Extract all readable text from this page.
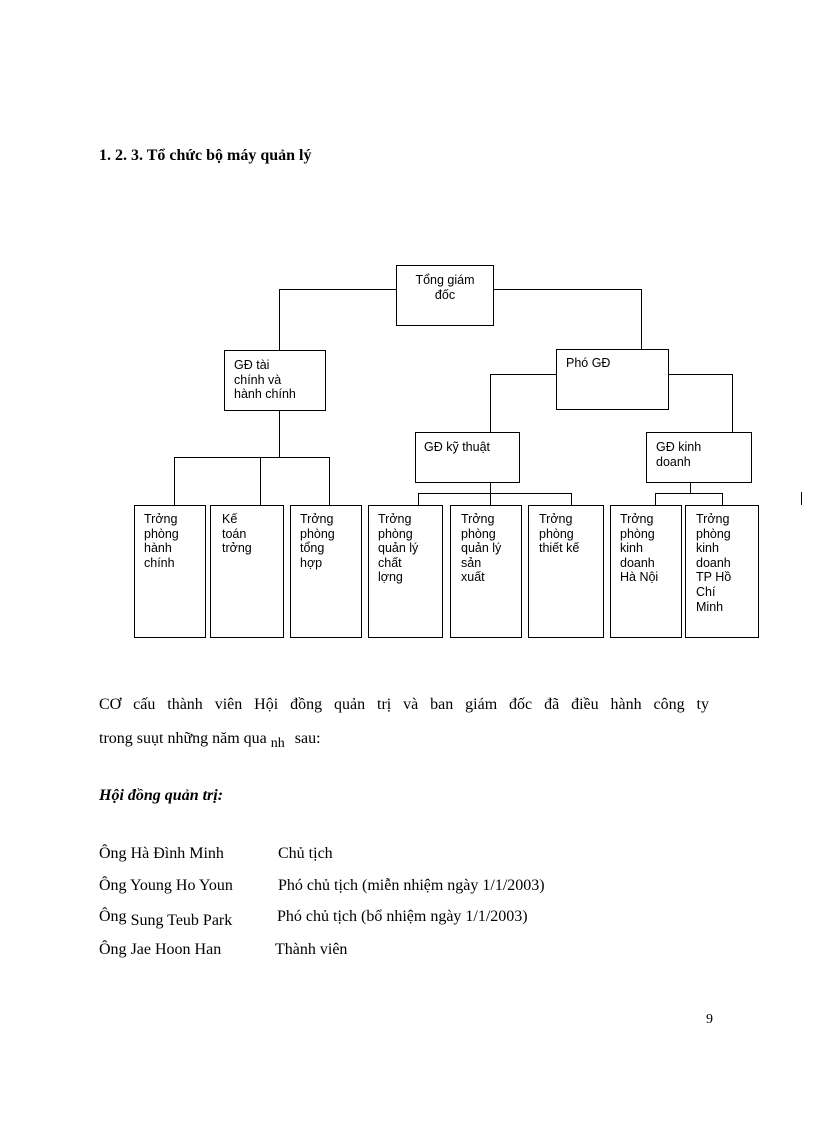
1. 2. 3. Tổ chức bộ máy quản lý
Tổng giám
đốc
GĐ tài
chính và
hành chính
Phó GĐ
GĐ kỹ thuật	GĐ kinh
doanh
Trởng
phòng
hành
chính
Kế
toán
trởng
Trởng
phòng
tổng
hợp
Trởng
phòng
quản lý
chất
lợng
Trởng
phòng
quản lý
sản
xuất
Trởng
phòng
thiết kế
Trởng
phòng
kinh
doanh
Hà Nội
Trởng
phòng
kinh
doanh
TP Hồ
Chí
Minh
CƠ cấu thành viên Hội đồng quản trị và ban giám đốc đã điều hành công ty
trong suụt những năm qua nh sau:
Hội đồng quản trị:
Ông Hà Đình Minh	Chủ tịch
Ông Young Ho Youn	Phó chủ tịch (miễn nhiệm ngày 1/1/2003)
Ông Sung Teub Park	Phó chủ tịch (bổ nhiệm ngày 1/1/2003)
Ông Jae Hoon Han	Thành viên
9
